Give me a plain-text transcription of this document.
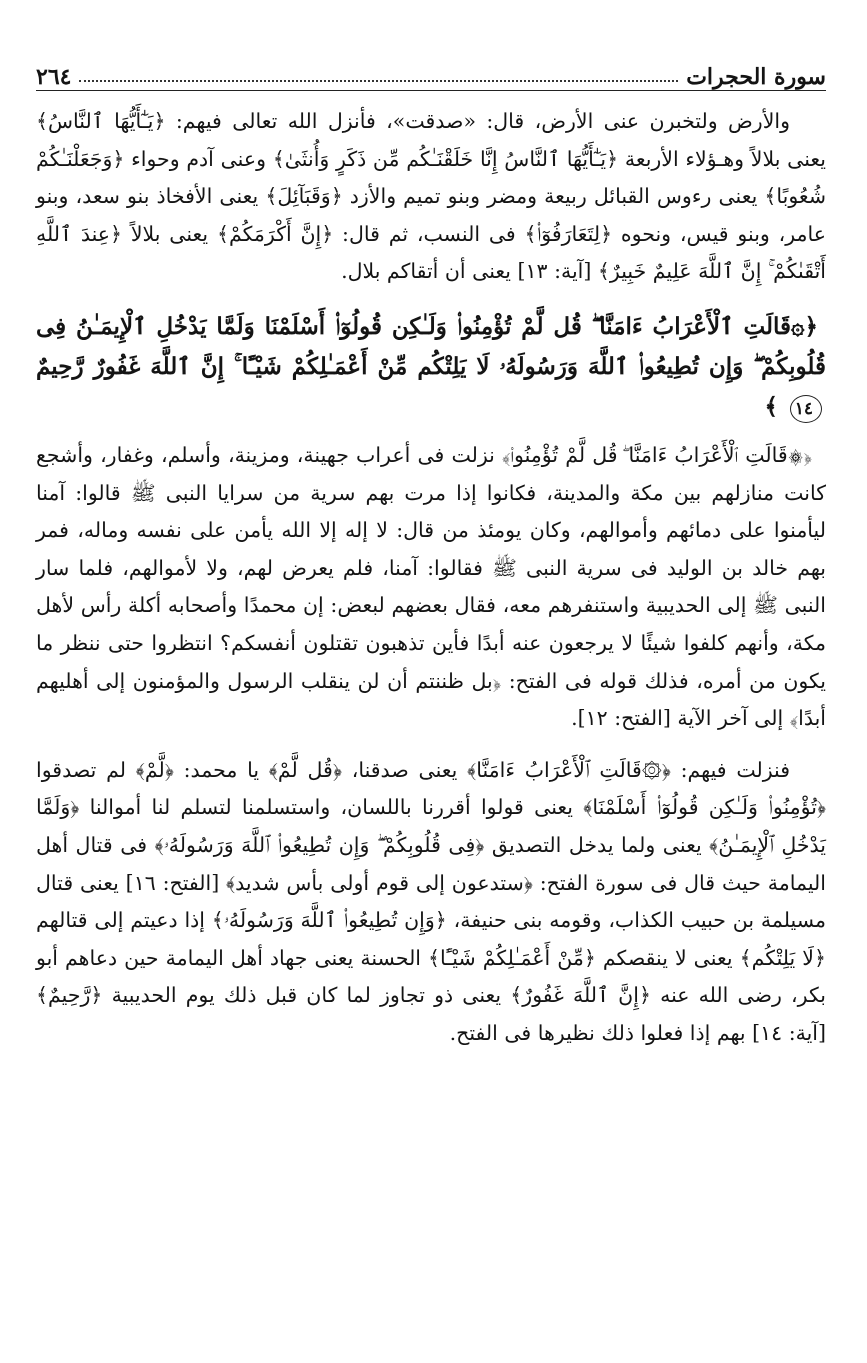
سورة الحجرات
٢٦٤

والأرض ولتخبرن عنى الأرض، قال: «صدقت»، فأنزل الله تعالى فيهم: ﴿يَـٰٓأَيُّهَا ٱلنَّاسُ﴾ يعنى بلالاً وهـؤلاء الأربعة ﴿يَـٰٓأَيُّهَا ٱلنَّاسُ إِنَّا خَلَقْنَـٰكُم مِّن ذَكَرٍ وَأُنثَىٰ﴾ وعنى آدم وحواء ﴿وَجَعَلْنَـٰكُمْ شُعُوبًا﴾ يعنى رءوس القبائل ربيعة ومضر وبنو تميم والأزد ﴿وَقَبَآئِلَ﴾ يعنى الأفخاذ بنو سعد، وبنو عامر، وبنو قيس، ونحوه ﴿لِتَعَارَفُوٓا۟﴾ فى النسب، ثم قال: ﴿إِنَّ أَكْرَمَكُمْ﴾ يعنى بلالاً ﴿عِندَ ٱللَّهِ أَتْقَىٰكُمْ ۚ إِنَّ ٱللَّهَ عَلِيمٌ خَبِيرٌ﴾ [آية: ١٣] يعنى أن أتقاكم بلال.

﴿۞قَالَتِ ٱلْأَعْرَابُ ءَامَنَّا ۖ قُل لَّمْ تُؤْمِنُوا۟ وَلَـٰكِن قُولُوٓا۟ أَسْلَمْنَا وَلَمَّا يَدْخُلِ ٱلْإِيمَـٰنُ فِى قُلُوبِكُمْ ۖ وَإِن تُطِيعُوا۟ ٱللَّهَ وَرَسُولَهُۥ لَا يَلِتْكُم مِّنْ أَعْمَـٰلِكُمْ شَيْـًٔا ۚ إِنَّ ٱللَّهَ غَفُورٌ رَّحِيمٌ ١٤ ﴾

﴿۞قَالَتِ ٱلْأَعْرَابُ ءَامَنَّا ۖ قُل لَّمْ تُؤْمِنُوا۟﴾ نزلت فى أعراب جهينة، ومزينة، وأسلم، وغفار، وأشجع كانت منازلهم بين مكة والمدينة، فكانوا إذا مرت بهم سرية من سرايا النبى ﷺ قالوا: آمنا ليأمنوا على دمائهم وأموالهم، وكان يومئذ من قال: لا إله إلا الله يأمن على نفسه وماله، فمر بهم خالد بن الوليد فى سرية النبى ﷺ فقالوا: آمنا، فلم يعرض لهم، ولا لأموالهم، فلما سار النبى ﷺ إلى الحديبية واستنفرهم معه، فقال بعضهم لبعض: إن محمدًا وأصحابه أكلة رأس لأهل مكة، وأنهم كلفوا شيئًا لا يرجعون عنه أبدًا فأين تذهبون تقتلون أنفسكم؟ انتظروا حتى ننظر ما يكون من أمره، فذلك قوله فى الفتح: ﴿بل ظننتم أن لن ينقلب الرسول والمؤمنون إلى أهليهم أبدًا﴾ إلى آخر الآية [الفتح: ١٢].

فنزلت فيهم: ﴿۞قَالَتِ ٱلْأَعْرَابُ ءَامَنَّا﴾ يعنى صدقنا، ﴿قُل لَّمْ﴾ يا محمد: ﴿لَّمْ﴾ لم تصدقوا ﴿تُؤْمِنُوا۟ وَلَـٰكِن قُولُوٓا۟ أَسْلَمْنَا﴾ يعنى قولوا أقررنا باللسان، واستسلمنا لتسلم لنا أموالنا ﴿وَلَمَّا يَدْخُلِ ٱلْإِيمَـٰنُ﴾ يعنى ولما يدخل التصديق ﴿فِى قُلُوبِكُمْ ۖ وَإِن تُطِيعُوا۟ ٱللَّهَ وَرَسُولَهُۥ﴾ فى قتال أهل اليمامة حيث قال فى سورة الفتح: ﴿ستدعون إلى قوم أولى بأس شديد﴾ [الفتح: ١٦] يعنى قتال مسيلمة بن حبيب الكذاب، وقومه بنى حنيفة، ﴿وَإِن تُطِيعُوا۟ ٱللَّهَ وَرَسُولَهُۥ﴾ إذا دعيتم إلى قتالهم ﴿لَا يَلِتْكُم﴾ يعنى لا ينقصكم ﴿مِّنْ أَعْمَـٰلِكُمْ شَيْـًٔا﴾ الحسنة يعنى جهاد أهل اليمامة حين دعاهم أبو بكر، رضى الله عنه ﴿إِنَّ ٱللَّهَ غَفُورٌ﴾ يعنى ذو تجاوز لما كان قبل ذلك يوم الحديبية ﴿رَّحِيمٌ﴾ [آية: ١٤] بهم إذا فعلوا ذلك نظيرها فى الفتح.
